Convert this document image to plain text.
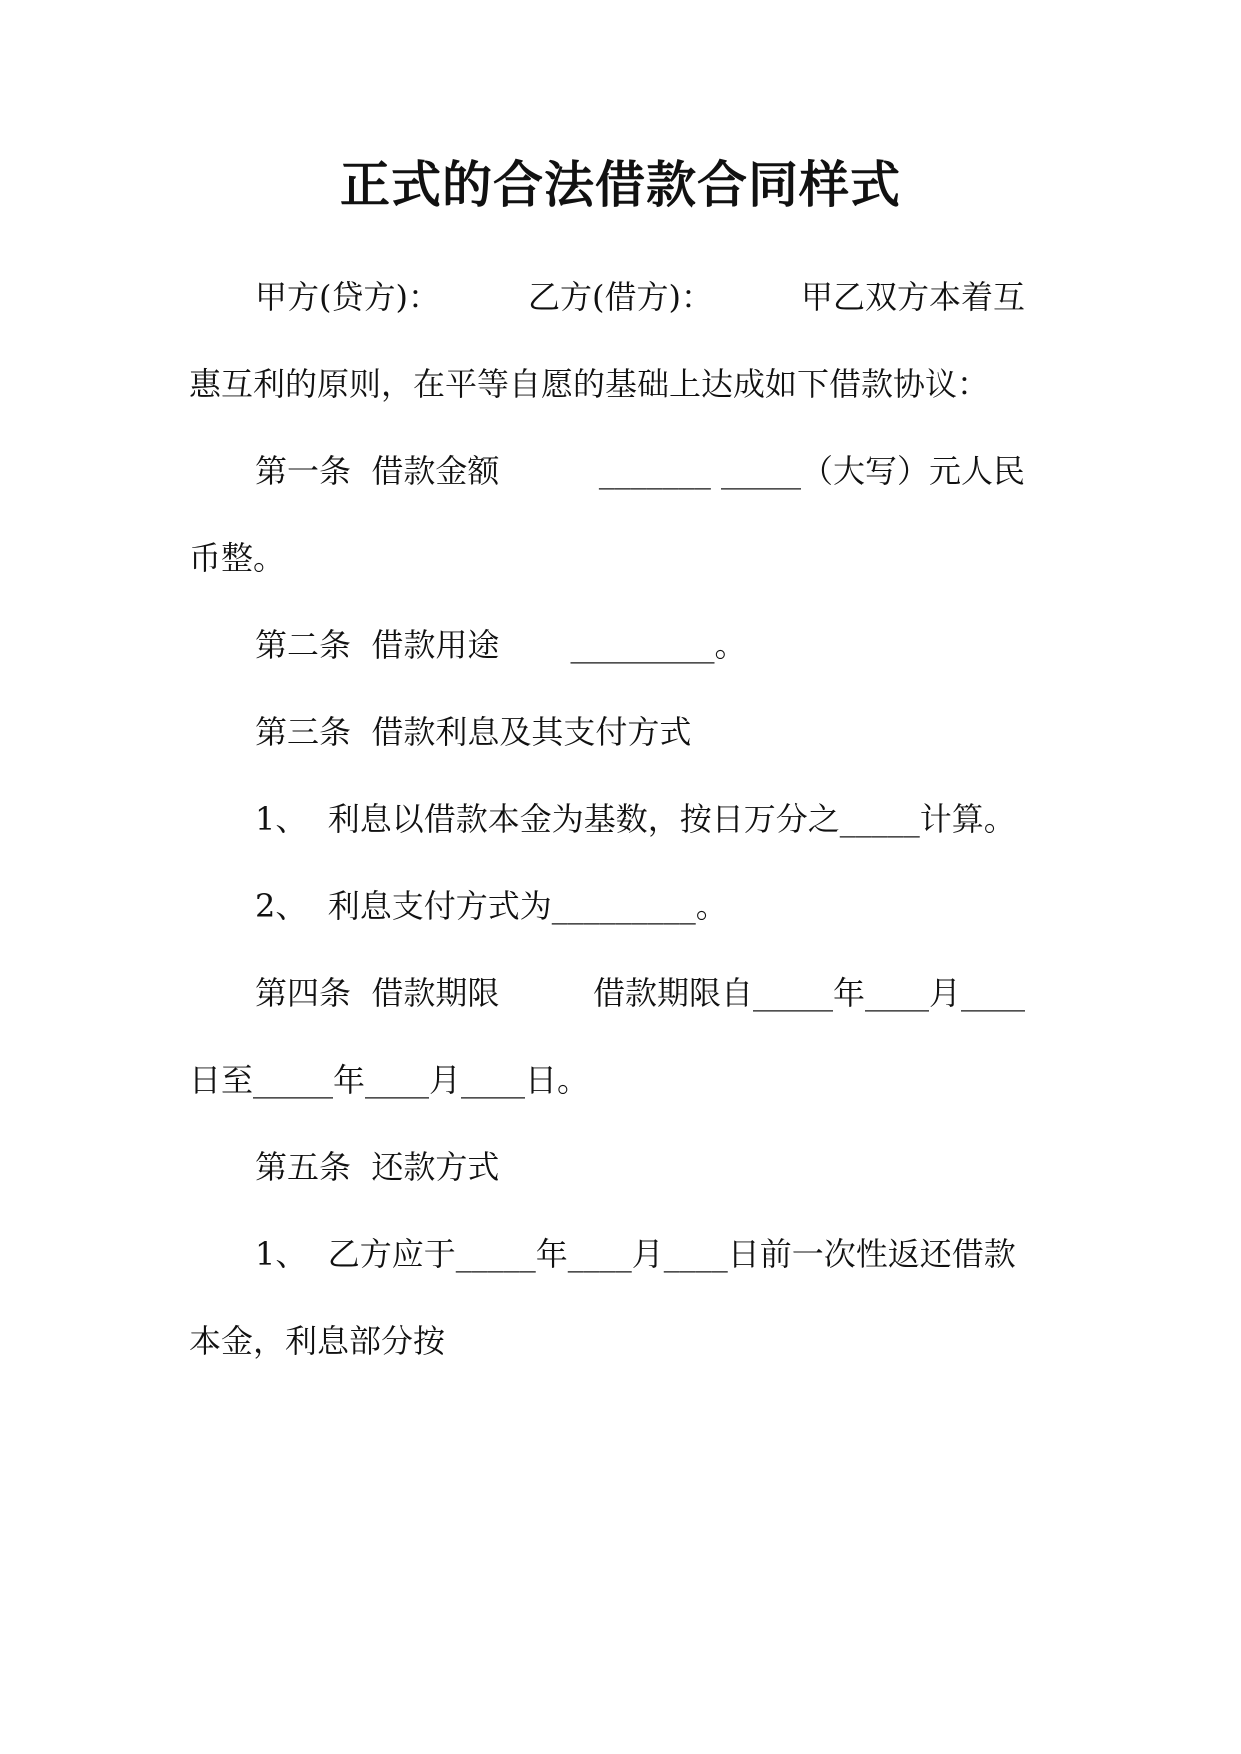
正式的合法借款合同样式
甲方(贷方)：	乙方(借方)：	甲乙双方本着互
惠互利的原则，在平等自愿的基础上达成如下借款协议：
第一条  借款金额	_______ _____（大写）元人民
币整。
第二条  借款用途       _________。
第三条  借款利息及其支付方式
1、  利息以借款本金为基数，按日万分之_____计算。
2、  利息支付方式为_________。
第四条  借款期限	借款期限自_____年____月____
日至_____年____月____日。
第五条  还款方式
1、  乙方应于_____年____月____日前一次性返还借款
本金，利息部分按
